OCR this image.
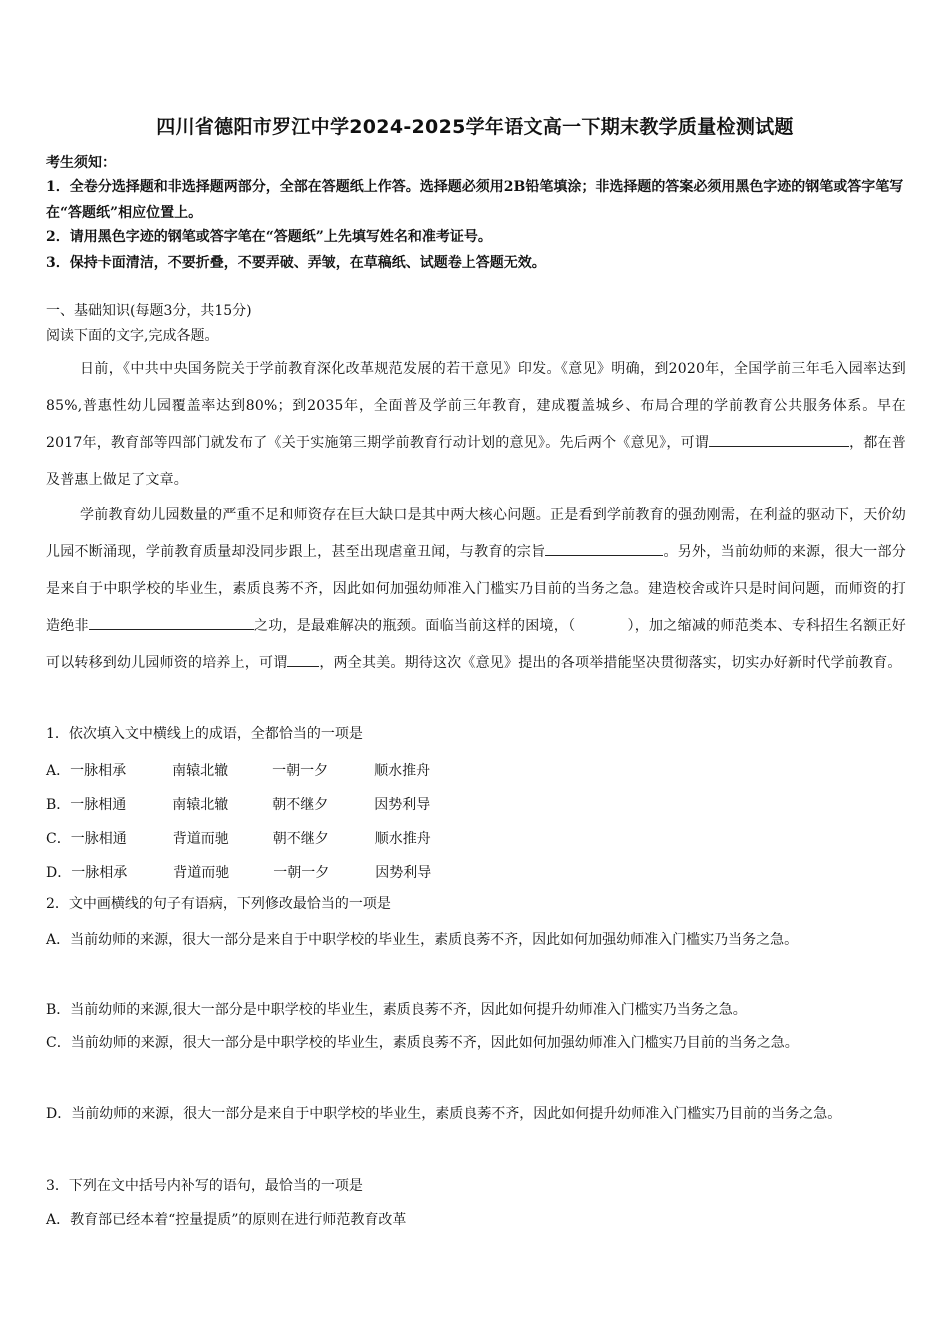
四川省德阳市罗江中学2024-2025学年语文高一下期末教学质量检测试题
考生须知：
1．全卷分选择题和非选择题两部分，全部在答题纸上作答。选择题必须用2B铅笔填涂；非选择题的答案必须用黑色字迹的钢笔或答字笔写在“答题纸”相应位置上。
2．请用黑色字迹的钢笔或答字笔在“答题纸”上先填写姓名和准考证号。
3．保持卡面清洁，不要折叠，不要弄破、弄皱，在草稿纸、试题卷上答题无效。
一、基础知识(每题3分，共15分)
阅读下面的文字,完成各题。
日前，《中共中央国务院关于学前教育深化改革规范发展的若干意见》印发。《意见》明确，到2020年，全国学前三年毛入园率达到85%,普惠性幼儿园覆盖率达到80%；到2035年，全面普及学前三年教育，建成覆盖城乡、布局合理的学前教育公共服务体系。早在2017年，教育部等四部门就发布了《关于实施第三期学前教育行动计划的意见》。先后两个《意见》，可谓	，都在普及普惠上做足了文章。
学前教育幼儿园数量的严重不足和师资存在巨大缺口是其中两大核心问题。正是看到学前教育的强劲刚需，在利益的驱动下，天价幼儿园不断涌现，学前教育质量却没同步跟上，甚至出现虐童丑闻，与教育的宗旨	。另外，当前幼师的来源，很大一部分是来自于中职学校的毕业生，素质良莠不齐，因此如何加强幼师准入门槛实乃目前的当务之急。建造校舍或许只是时间问题，而师资的打造绝非	之功，是最难解决的瓶颈。面临当前这样的困境，（	），加之缩减的师范类本、专科招生名额正好可以转移到幼儿园师资的培养上，可谓 ，两全其美。期待这次《意见》提出的各项举措能坚决贯彻落实，切实办好新时代学前教育。
1．依次填入文中横线上的成语，全都恰当的一项是
A．一脉相承	南辕北辙	一朝一夕	顺水推舟
B．一脉相通	南辕北辙	朝不继夕	因势利导
C．一脉相通	背道而驰	朝不继夕	顺水推舟
D．一脉相承	背道而驰	一朝一夕	因势利导
2．文中画横线的句子有语病，下列修改最恰当的一项是
A．当前幼师的来源，很大一部分是来自于中职学校的毕业生，素质良莠不齐，因此如何加强幼师准入门槛实乃当务之急。
B．当前幼师的来源,很大一部分是中职学校的毕业生，素质良莠不齐，因此如何提升幼师准入门槛实乃当务之急。
C．当前幼师的来源，很大一部分是中职学校的毕业生，素质良莠不齐，因此如何加强幼师准入门槛实乃目前的当务之急。
D．当前幼师的来源，很大一部分是来自于中职学校的毕业生，素质良莠不齐，因此如何提升幼师准入门槛实乃目前的当务之急。
3．下列在文中括号内补写的语句，最恰当的一项是
A．教育部已经本着“控量提质”的原则在进行师范教育改革
